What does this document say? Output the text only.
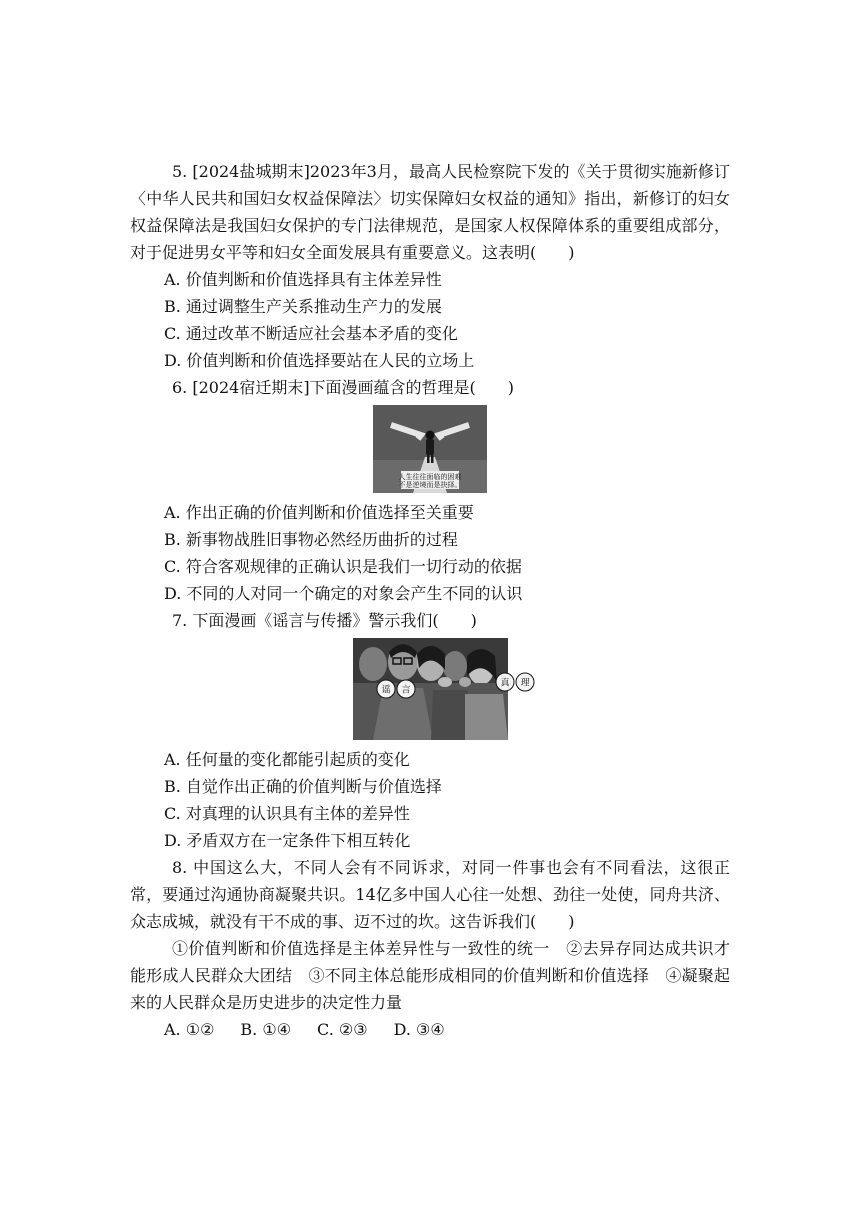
5. [2024盐城期末]2023年3月，最高人民检察院下发的《关于贯彻实施新修订〈中华人民共和国妇女权益保障法〉切实保障妇女权益的通知》指出，新修订的妇女权益保障法是我国妇女保护的专门法律规范，是国家人权保障体系的重要组成部分，对于促进男女平等和妇女全面发展具有重要意义。这表明(　　)

A. 价值判断和价值选择具有主体差异性

B. 通过调整生产关系推动生产力的发展

C. 通过改革不断适应社会基本矛盾的变化

D. 价值判断和价值选择要站在人民的立场上

6. [2024宿迁期末]下面漫画蕴含的哲理是(　　)

人生往往面临的困难
不是逆境而是抉择。

A. 作出正确的价值判断和价值选择至关重要

B. 新事物战胜旧事物必然经历曲折的过程

C. 符合客观规律的正确认识是我们一切行动的依据

D. 不同的人对同一个确定的对象会产生不同的认识

7. 下面漫画《谣言与传播》警示我们(　　)

谣 言
真 理

A. 任何量的变化都能引起质的变化

B. 自觉作出正确的价值判断与价值选择

C. 对真理的认识具有主体的差异性

D. 矛盾双方在一定条件下相互转化

8. 中国这么大，不同人会有不同诉求，对同一件事也会有不同看法，这很正常，要通过沟通协商凝聚共识。14亿多中国人心往一处想、劲往一处使，同舟共济、众志成城，就没有干不成的事、迈不过的坎。这告诉我们(　　)

①价值判断和价值选择是主体差异性与一致性的统一　②去异存同达成共识才能形成人民群众大团结　③不同主体总能形成相同的价值判断和价值选择　④凝聚起来的人民群众是历史进步的决定性力量

A. ①② B. ①④ C. ②③ D. ③④
